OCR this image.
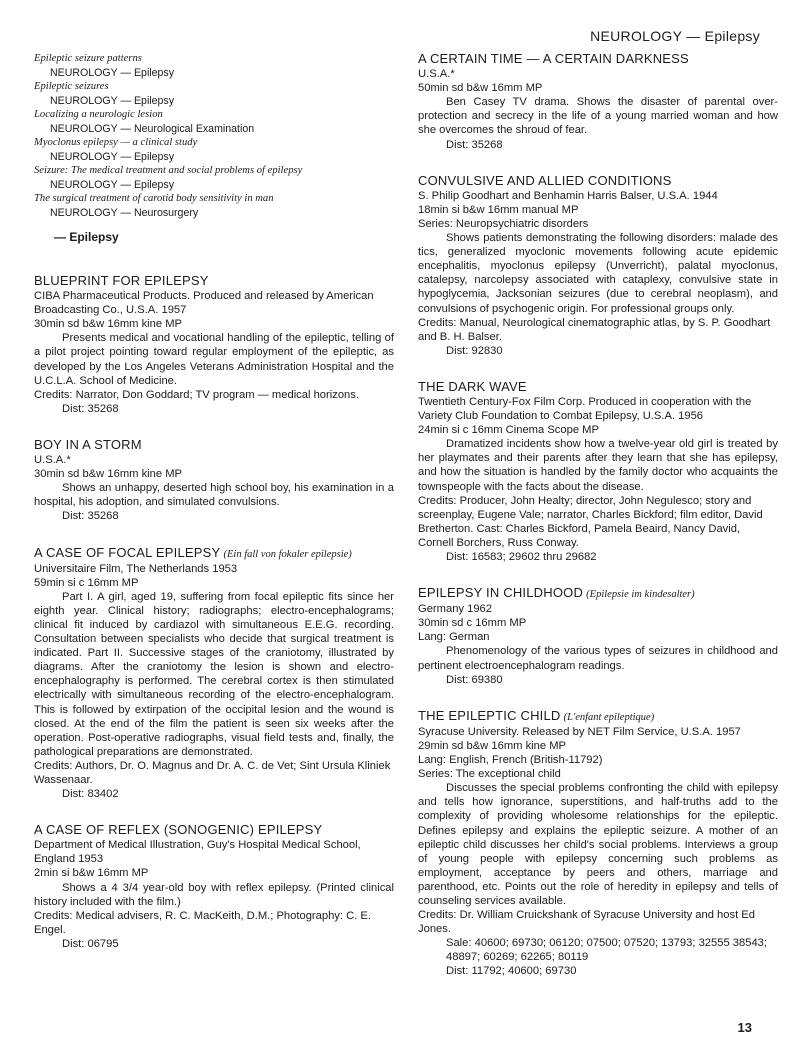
NEUROLOGY — Epilepsy
Epileptic seizure patterns
NEUROLOGY — Epilepsy
Epileptic seizures
NEUROLOGY — Epilepsy
Localizing a neurologic lesion
NEUROLOGY — Neurological Examination
Myoclonus epilepsy — a clinical study
NEUROLOGY — Epilepsy
Seizure: The medical treatment and social problems of epilepsy
NEUROLOGY — Epilepsy
The surgical treatment of carotid body sensitivity in man
NEUROLOGY — Neurosurgery
— Epilepsy
BLUEPRINT FOR EPILEPSY
CIBA Pharmaceutical Products. Produced and released by American Broadcasting Co., U.S.A. 1957
30min sd b&w 16mm kine MP
Presents medical and vocational handling of the epileptic, telling of a pilot project pointing toward regular employment of the epileptic, as developed by the Los Angeles Veterans Administration Hospital and the U.C.L.A. School of Medicine.
Credits: Narrator, Don Goddard; TV program — medical horizons.
Dist: 35268
BOY IN A STORM
U.S.A.*
30min sd b&w 16mm kine MP
Shows an unhappy, deserted high school boy, his examination in a hospital, his adoption, and simulated convulsions.
Dist: 35268
A CASE OF FOCAL EPILEPSY (Ein fall von fokaler epilepsie)
Universitaire Film, The Netherlands 1953
59min si c 16mm MP
Part I. A girl, aged 19, suffering from focal epileptic fits since her eighth year. Clinical history; radiographs; electro-encephalograms; clinical fit induced by cardiazol with simultaneous E.E.G. recording. Consultation between specialists who decide that surgical treatment is indicated. Part II. Successive stages of the craniotomy, illustrated by diagrams. After the craniotomy the lesion is shown and electro-encephalography is performed. The cerebral cortex is then stimulated electrically with simultaneous recording of the electro-encephalogram. This is followed by extirpation of the occipital lesion and the wound is closed. At the end of the film the patient is seen six weeks after the operation. Post-operative radiographs, visual field tests and, finally, the pathological preparations are demonstrated.
Credits: Authors, Dr. O. Magnus and Dr. A. C. de Vet; Sint Ursula Kliniek Wassenaar.
Dist: 83402
A CASE OF REFLEX (SONOGENIC) EPILEPSY
Department of Medical Illustration, Guy's Hospital Medical School, England 1953
2min si b&w 16mm MP
Shows a 4 3/4 year-old boy with reflex epilepsy. (Printed clinical history included with the film.)
Credits: Medical advisers, R. C. MacKeith, D.M.; Photography: C. E. Engel.
Dist: 06795
A CERTAIN TIME — A CERTAIN DARKNESS
U.S.A.*
50min sd b&w 16mm MP
Ben Casey TV drama. Shows the disaster of parental over-protection and secrecy in the life of a young married woman and how she overcomes the shroud of fear.
Dist: 35268
CONVULSIVE AND ALLIED CONDITIONS
S. Philip Goodhart and Benhamin Harris Balser, U.S.A. 1944
18min si b&w 16mm manual MP
Series: Neuropsychiatric disorders
Shows patients demonstrating the following disorders: malade des tics, generalized myoclonic movements following acute epidemic encephalitis, myoclonus epilepsy (Unverricht), palatal myoclonus, catalepsy, narcolepsy associated with cataplexy, convulsive state in hypoglycemia, Jacksonian seizures (due to cerebral neoplasm), and convulsions of psychogenic origin. For professional groups only.
Credits: Manual, Neurological cinematographic atlas, by S. P. Goodhart and B. H. Balser.
Dist: 92830
THE DARK WAVE
Twentieth Century-Fox Film Corp. Produced in cooperation with the Variety Club Foundation to Combat Epilepsy, U.S.A. 1956
24min si c 16mm Cinema Scope MP
Dramatized incidents show how a twelve-year old girl is treated by her playmates and their parents after they learn that she has epilepsy, and how the situation is handled by the family doctor who acquaints the townspeople with the facts about the disease.
Credits: Producer, John Healty; director, John Negulesco; story and screenplay, Eugene Vale; narrator, Charles Bickford; film editor, David Bretherton. Cast: Charles Bickford, Pamela Beaird, Nancy David, Cornell Borchers, Russ Conway.
Dist: 16583; 29602 thru 29682
EPILEPSY IN CHILDHOOD (Epilepsie im kindesalter)
Germany 1962
30min sd c 16mm MP
Lang: German
Phenomenology of the various types of seizures in childhood and pertinent electroencephalogram readings.
Dist: 69380
THE EPILEPTIC CHILD (L'enfant epileptique)
Syracuse University. Released by NET Film Service, U.S.A. 1957
29min sd b&w 16mm kine MP
Lang: English, French (British-11792)
Series: The exceptional child
Discusses the special problems confronting the child with epilepsy and tells how ignorance, superstitions, and half-truths add to the complexity of providing wholesome relationships for the epileptic. Defines epilepsy and explains the epileptic seizure. A mother of an epileptic child discusses her child's social problems. Interviews a group of young people with epilepsy concerning such problems as employment, acceptance by peers and others, marriage and parenthood, etc. Points out the role of heredity in epilepsy and tells of counseling services available.
Credits: Dr. William Cruickshank of Syracuse University and host Ed Jones.
Sale: 40600; 69730; 06120; 07500; 07520; 13793; 32555 38543; 48897; 60269; 62265; 80119
Dist: 11792; 40600; 69730
13
